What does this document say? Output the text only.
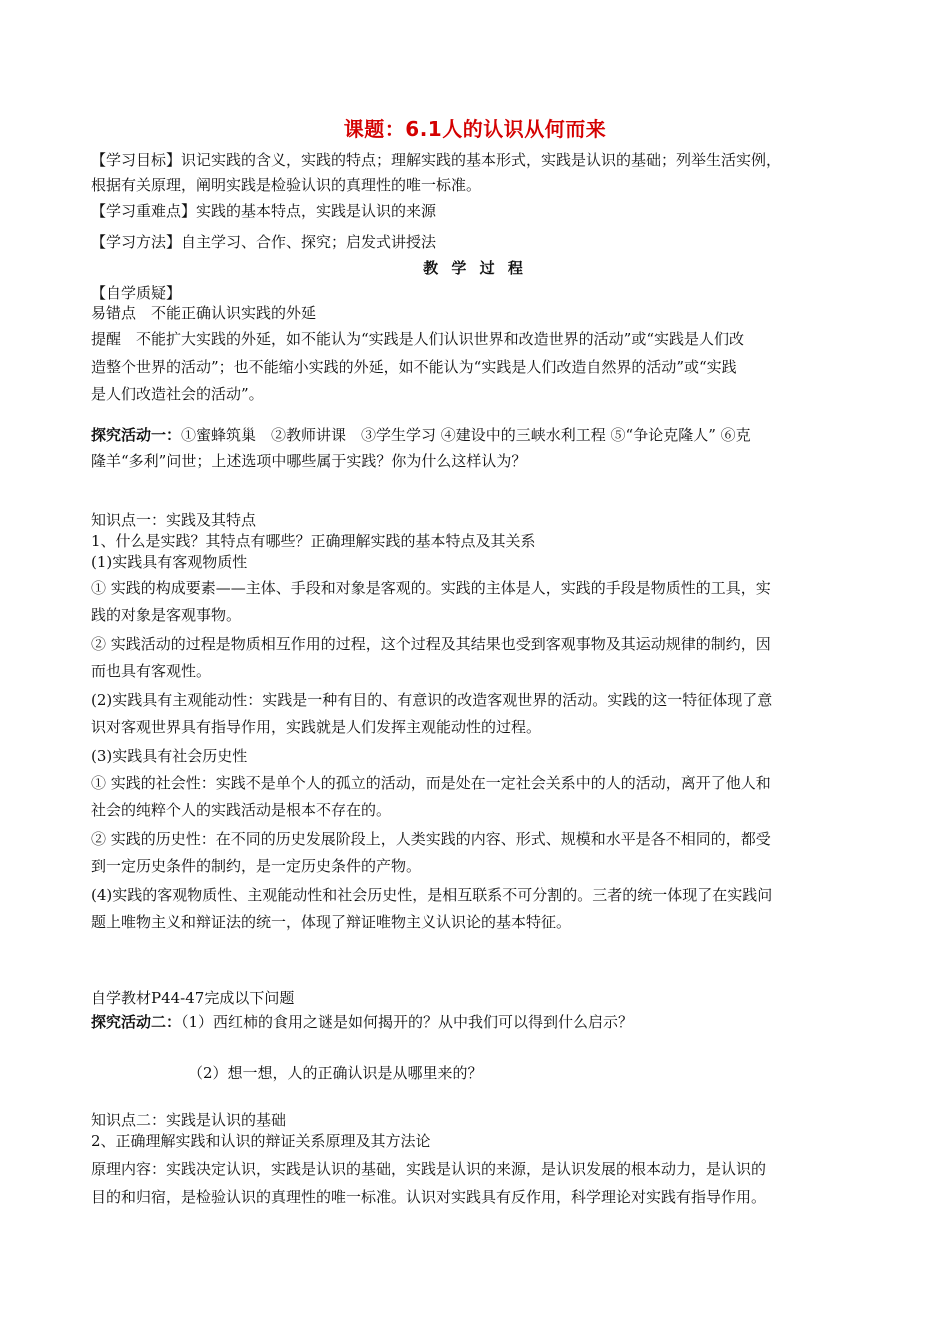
课题：6.1人的认识从何而来
【学习目标】识记实践的含义，实践的特点；理解实践的基本形式，实践是认识的基础；列举生活实例，
根据有关原理，阐明实践是检验认识的真理性的唯一标准。
【学习重难点】实践的基本特点，实践是认识的来源
【学习方法】自主学习、合作、探究；启发式讲授法
教 学 过 程
【自学质疑】
易错点　不能正确认识实践的外延
提醒　不能扩大实践的外延，如不能认为“实践是人们认识世界和改造世界的活动”或“实践是人们改
造整个世界的活动”；也不能缩小实践的外延，如不能认为“实践是人们改造自然界的活动”或“实践
是人们改造社会的活动”。
探究活动一：①蜜蜂筑巢　②教师讲课　③学生学习 ④建设中的三峡水利工程 ⑤“争论克隆人” ⑥克
隆羊“多利”问世；上述选项中哪些属于实践？你为什么这样认为？
知识点一：实践及其特点
1、什么是实践？其特点有哪些？正确理解实践的基本特点及其关系
(1)实践具有客观物质性
① 实践的构成要素——主体、手段和对象是客观的。实践的主体是人，实践的手段是物质性的工具，实
践的对象是客观事物。
② 实践活动的过程是物质相互作用的过程，这个过程及其结果也受到客观事物及其运动规律的制约，因
而也具有客观性。
(2)实践具有主观能动性：实践是一种有目的、有意识的改造客观世界的活动。实践的这一特征体现了意
识对客观世界具有指导作用，实践就是人们发挥主观能动性的过程。
(3)实践具有社会历史性
① 实践的社会性：实践不是单个人的孤立的活动，而是处在一定社会关系中的人的活动，离开了他人和
社会的纯粹个人的实践活动是根本不存在的。
② 实践的历史性：在不同的历史发展阶段上，人类实践的内容、形式、规模和水平是各不相同的，都受
到一定历史条件的制约，是一定历史条件的产物。
(4)实践的客观物质性、主观能动性和社会历史性，是相互联系不可分割的。三者的统一体现了在实践问
题上唯物主义和辩证法的统一，体现了辩证唯物主义认识论的基本特征。
自学教材P44-47完成以下问题
探究活动二：（1）西红柿的食用之谜是如何揭开的？从中我们可以得到什么启示？
（2）想一想，人的正确认识是从哪里来的？
知识点二：实践是认识的基础
2、正确理解实践和认识的辩证关系原理及其方法论
原理内容：实践决定认识，实践是认识的基础，实践是认识的来源，是认识发展的根本动力，是认识的
目的和归宿，是检验认识的真理性的唯一标准。认识对实践具有反作用，科学理论对实践有指导作用。
